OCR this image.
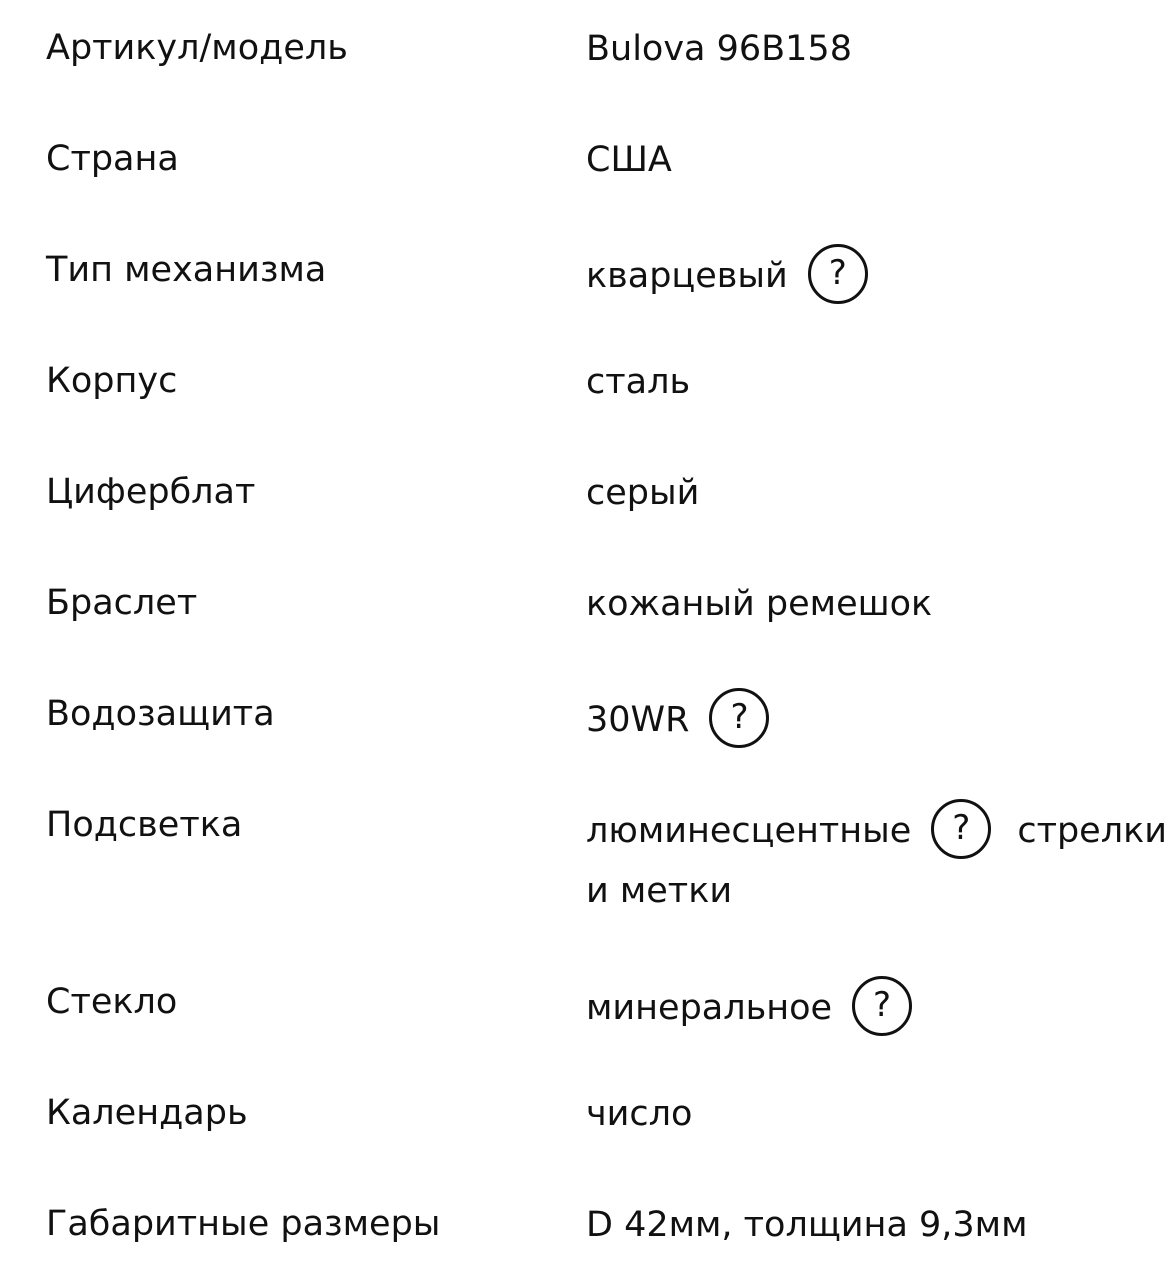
Артикул/модель	Bulova 96B158
Страна	США
Тип механизма	кварцевый ?
Корпус	сталь
Циферблат	серый
Браслет	кожаный ремешок
Водозащита	30WR ?
Подсветка	люминесцентные ? стрелки
и метки
Стекло	минеральное ?
Календарь	число
Габаритные размеры	D 42мм, толщина 9,3мм
